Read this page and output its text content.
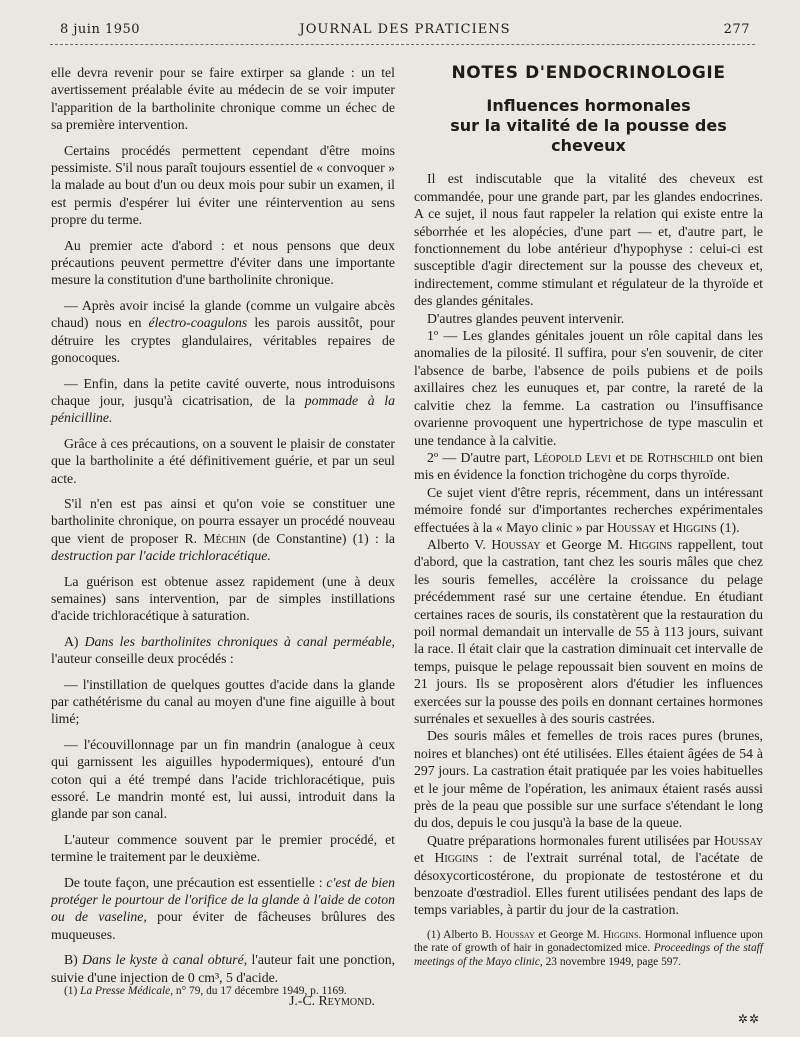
8 juin 1950	JOURNAL DES PRATICIENS	277

elle devra revenir pour se faire extirper sa glande : un tel avertissement préalable évite au médecin de se voir imputer l'apparition de la bartholinite chronique comme un échec de sa première intervention.

Certains procédés permettent cependant d'être moins pessimiste. S'il nous paraît toujours essentiel de « convoquer » la malade au bout d'un ou deux mois pour subir un examen, il est permis d'espérer lui éviter une réintervention au sens propre du terme.

Au premier acte d'abord : et nous pensons que deux précautions peuvent permettre d'éviter dans une importante mesure la constitution d'une bartholinite chronique.

— Après avoir incisé la glande (comme un vulgaire abcès chaud) nous en électro-coagulons les parois aussitôt, pour détruire les cryptes glandulaires, véritables repaires de gonocoques.

— Enfin, dans la petite cavité ouverte, nous introduisons chaque jour, jusqu'à cicatrisation, de la pommade à la pénicilline.

Grâce à ces précautions, on a souvent le plaisir de constater que la bartholinite a été définitivement guérie, et par un seul acte.

S'il n'en est pas ainsi et qu'on voie se constituer une bartholinite chronique, on pourra essayer un procédé nouveau que vient de proposer R. Méchin (de Constantine) (1) : la destruction par l'acide trichloracétique.

La guérison est obtenue assez rapidement (une à deux semaines) sans intervention, par de simples instillations d'acide trichloracétique à saturation.

A) Dans les bartholinites chroniques à canal perméable, l'auteur conseille deux procédés :

— l'instillation de quelques gouttes d'acide dans la glande par cathétérisme du canal au moyen d'une fine aiguille à bout limé;

— l'écouvillonnage par un fin mandrin (analogue à ceux qui garnissent les aiguilles hypodermiques), entouré d'un coton qui a été trempé dans l'acide trichloracétique, puis essoré. Le mandrin monté est, lui aussi, introduit dans la glande par son canal.

L'auteur commence souvent par le premier procédé, et termine le traitement par le deuxième.

De toute façon, une précaution est essentielle : c'est de bien protéger le pourtour de l'orifice de la glande à l'aide de coton ou de vaseline, pour éviter de fâcheuses brûlures des muqueuses.

B) Dans le kyste à canal obturé, l'auteur fait une ponction, suivie d'une injection de 0 cm³, 5 d'acide.

J.-C. Reymond.

(1) La Presse Médicale, n° 79, du 17 décembre 1949, p. 1169.

NOTES D'ENDOCRINOLOGIE
Influences hormonales
sur la vitalité de la pousse des cheveux

Il est indiscutable que la vitalité des cheveux est commandée, pour une grande part, par les glandes endocrines. A ce sujet, il nous faut rappeler la relation qui existe entre la séborrhée et les alopécies, d'une part — et, d'autre part, le fonctionnement du lobe antérieur d'hypophyse : celui-ci est susceptible d'agir directement sur la pousse des cheveux et, indirectement, comme stimulant et régulateur de la thyroïde et des glandes génitales.

D'autres glandes peuvent intervenir.

1º — Les glandes génitales jouent un rôle capital dans les anomalies de la pilosité. Il suffira, pour s'en souvenir, de citer l'absence de barbe, l'absence de poils pubiens et de poils axillaires chez les eunuques et, par contre, la rareté de la calvitie chez la femme. La castration ou l'insuffisance ovarienne provoquent une hypertrichose de type masculin et une tendance à la calvitie.

2º — D'autre part, Léopold Levi et de Rothschild ont bien mis en évidence la fonction trichogène du corps thyroïde.

Ce sujet vient d'être repris, récemment, dans un intéressant mémoire fondé sur d'importantes recherches expérimentales effectuées à la « Mayo clinic » par Houssay et Higgins (1).

Alberto V. Houssay et George M. Higgins rappellent, tout d'abord, que la castration, tant chez les souris mâles que chez les souris femelles, accélère la croissance du pelage précédemment rasé sur une certaine étendue. En étudiant certaines races de souris, ils constatèrent que la restauration du poil normal demandait un intervalle de 55 à 113 jours, suivant la race. Il était clair que la castration diminuait cet intervalle de temps, puisque le pelage repoussait bien souvent en moins de 21 jours. Ils se proposèrent alors d'étudier les influences exercées sur la pousse des poils en donnant certaines hormones surrénales et sexuelles à des souris castrées.

Des souris mâles et femelles de trois races pures (brunes, noires et blanches) ont été utilisées. Elles étaient âgées de 54 à 297 jours. La castration était pratiquée par les voies habituelles et le jour même de l'opération, les animaux étaient rasés aussi près de la peau que possible sur une surface s'étendant le long du dos, depuis le cou jusqu'à la base de la queue.

Quatre préparations hormonales furent utilisées par Houssay et Higgins : de l'extrait surrénal total, de l'acétate de désoxycorticostérone, du propionate de testostérone et du benzoate d'œstradiol. Elles furent utilisées pendant des laps de temps variables, à partir du jour de la castration.

(1) Alberto B. Houssay et George M. Higgins. Hormonal influence upon the rate of growth of hair in gonadectomized mice. Proceedings of the staff meetings of the Mayo clinic, 23 novembre 1949, page 597.

✲✲
